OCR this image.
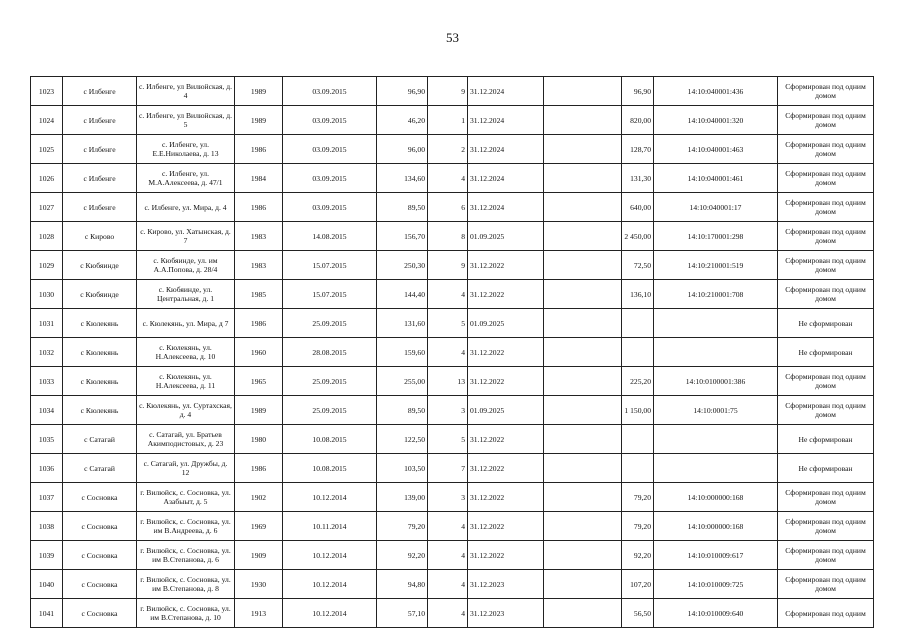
53
1023	с Илбенге	с. Илбенге, ул Вилюйская, д. 4	1989	03.09.2015	96,90	9	31.12.2024		96,90	14:10:040001:436	Сформирован под одним домом
1024	с Илбенге	с. Илбенге, ул Вилюйская, д. 5	1989	03.09.2015	46,20	1	31.12.2024		820,00	14:10:040001:320	Сформирован под одним домом
1025	с Илбенге	с. Илбенге, ул. Е.Е.Николаева, д. 13	1986	03.09.2015	96,00	2	31.12.2024		128,70	14:10:040001:463	Сформирован под одним домом
1026	с Илбенге	с. Илбенге, ул. М.А.Алексеева, д. 47/1	1984	03.09.2015	134,60	4	31.12.2024		131,30	14:10:040001:461	Сформирован под одним домом
1027	с Илбенге	с. Илбенге, ул. Мира, д. 4	1986	03.09.2015	89,50	6	31.12.2024		640,00	14:10:040001:17	Сформирован под одним домом
1028	с Кирово	с. Кирово, ул. Хатынская, д. 7	1983	14.08.2015	156,70	8	01.09.2025		2 450,00	14:10:170001:298	Сформирован под одним домом
1029	с Кюбяинде	с. Кюбяинде, ул. им А.А.Попова, д. 28/4	1983	15.07.2015	250,30	9	31.12.2022		72,50	14:10:210001:519	Сформирован под одним домом
1030	с Кюбяинде	с. Кюбяинде, ул. Центральная, д. 1	1985	15.07.2015	144,40	4	31.12.2022		136,10	14:10:210001:708	Сформирован под одним домом
1031	с Кюлекянь	с. Кюлекянь, ул. Мира, д 7	1986	25.09.2015	131,60	5	01.09.2025				Не сформирован
1032	с Кюлекянь	с. Кюлекянь, ул. Н.Алексеева, д. 10	1960	28.08.2015	159,60	4	31.12.2022				Не сформирован
1033	с Кюлекянь	с. Кюлекянь, ул. Н.Алексеева, д. 11	1965	25.09.2015	255,00	13	31.12.2022		225,20	14:10:0100001:386	Сформирован под одним домом
1034	с Кюлекянь	с. Кюлекянь, ул. Суртахская, д. 4	1989	25.09.2015	89,50	3	01.09.2025		1 150,00	14:10:0001:75	Сформирован под одним домом
1035	с Сатагай	с. Сатагай, ул. Братьев Акимподистовых, д. 23	1980	10.08.2015	122,50	5	31.12.2022				Не сформирован
1036	с Сатагай	с. Сатагай, ул. Дружбы, д. 12	1986	10.08.2015	103,50	7	31.12.2022				Не сформирован
1037	с Сосновка	г. Вилюйск, с. Сосновка, ул. Азабыыт, д. 5	1902	10.12.2014	139,00	3	31.12.2022		79,20	14:10:000000:168	Сформирован под одним домом
1038	с Сосновка	г. Вилюйск, с. Сосновка, ул. им В.Андреева, д. 6	1969	10.11.2014	79,20	4	31.12.2022		79,20	14:10:000000:168	Сформирован под одним домом
1039	с Сосновка	г. Вилюйск, с. Сосновка, ул. им В.Степанова, д. 6	1909	10.12.2014	92,20	4	31.12.2022		92,20	14:10:010009:617	Сформирован под одним домом
1040	с Сосновка	г. Вилюйск, с. Сосновка, ул. им В.Степанова, д. 8	1930	10.12.2014	94,80	4	31.12.2023		107,20	14:10:010009:725	Сформирован под одним домом
1041	с Сосновка	г. Вилюйск, с. Сосновка, ул. им В.Степанова, д. 10	1913	10.12.2014	57,10	4	31.12.2023		56,50	14:10:010009:640	Сформирован под одним
